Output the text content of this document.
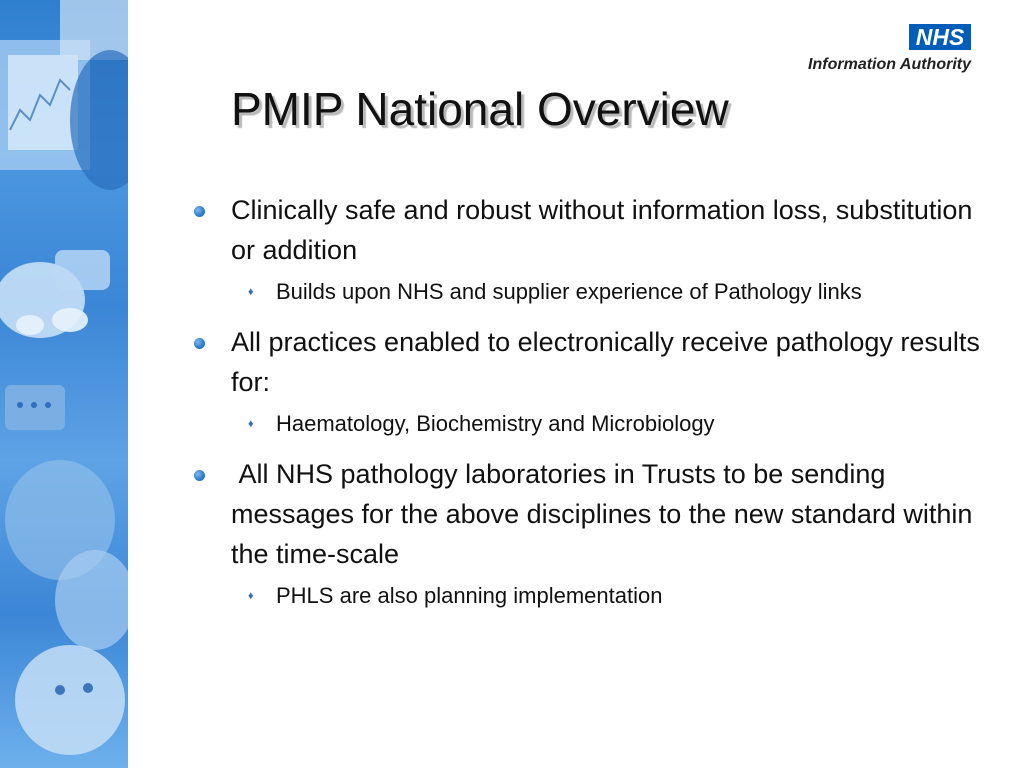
NHS
Information Authority
PMIP National Overview
Clinically safe and robust without information loss, substitution or addition
♦ Builds upon NHS and supplier experience of Pathology links
All practices enabled to electronically receive pathology results for:
♦ Haematology, Biochemistry and Microbiology
All NHS pathology laboratories in Trusts to be sending messages for the above disciplines to the new standard within the time-scale
♦ PHLS are also planning implementation
